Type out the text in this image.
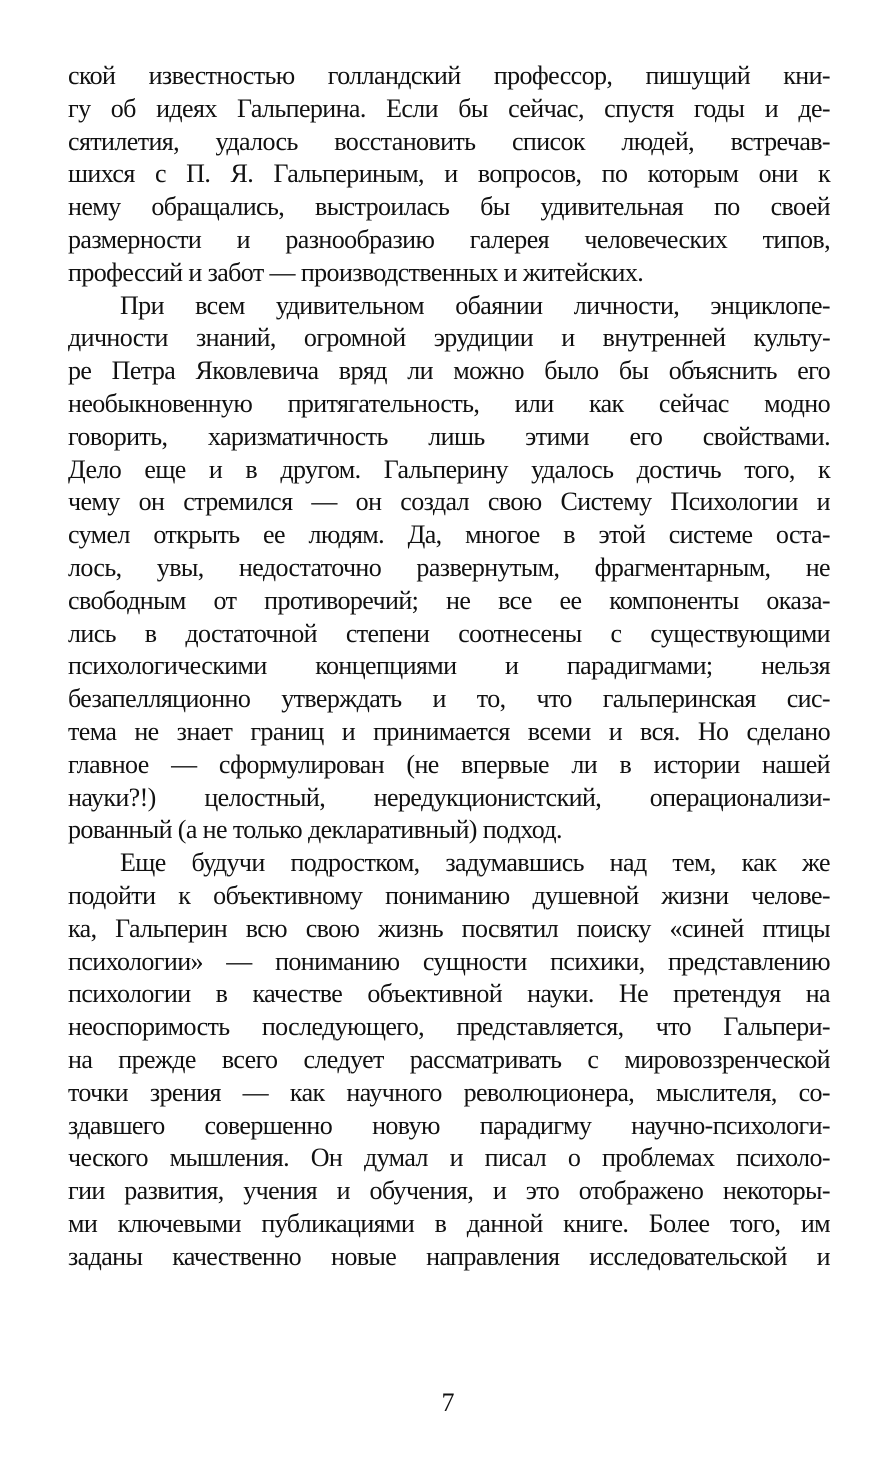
ской известностью голландский профессор, пишущий кни-
гу об идеях Гальперина. Если бы сейчас, спустя годы и де-
сятилетия, удалось восстановить список людей, встречав-
шихся с П. Я. Гальпериным, и вопросов, по которым они к
нему обращались, выстроилась бы удивительная по своей
размерности и разнообразию галерея человеческих типов,
профессий и забот — производственных и житейских.
При всем удивительном обаянии личности, энциклопе-
дичности знаний, огромной эрудиции и внутренней культу-
ре Петра Яковлевича вряд ли можно было бы объяснить его
необыкновенную притягательность, или как сейчас модно
говорить, харизматичность лишь этими его свойствами.
Дело еще и в другом. Гальперину удалось достичь того, к
чему он стремился — он создал свою Систему Психологии и
сумел открыть ее людям. Да, многое в этой системе оста-
лось, увы, недостаточно развернутым, фрагментарным, не
свободным от противоречий; не все ее компоненты оказа-
лись в достаточной степени соотнесены с существующими
психологическими концепциями и парадигмами; нельзя
безапелляционно утверждать и то, что гальперинская сис-
тема не знает границ и принимается всеми и вся. Но сделано
главное — сформулирован (не впервые ли в истории нашей
науки?!) целостный, нередукционистский, операционализи-
рованный (а не только декларативный) подход.
Еще будучи подростком, задумавшись над тем, как же
подойти к объективному пониманию душевной жизни челове-
ка, Гальперин всю свою жизнь посвятил поиску «синей птицы
психологии» — пониманию сущности психики, представлению
психологии в качестве объективной науки. Не претендуя на
неоспоримость последующего, представляется, что Гальпери-
на прежде всего следует рассматривать с мировоззренческой
точки зрения — как научного революционера, мыслителя, со-
здавшего совершенно новую парадигму научно-психологи-
ческого мышления. Он думал и писал о проблемах психоло-
гии развития, учения и обучения, и это отображено некоторы-
ми ключевыми публикациями в данной книге. Более того, им
заданы качественно новые направления исследовательской и
7
